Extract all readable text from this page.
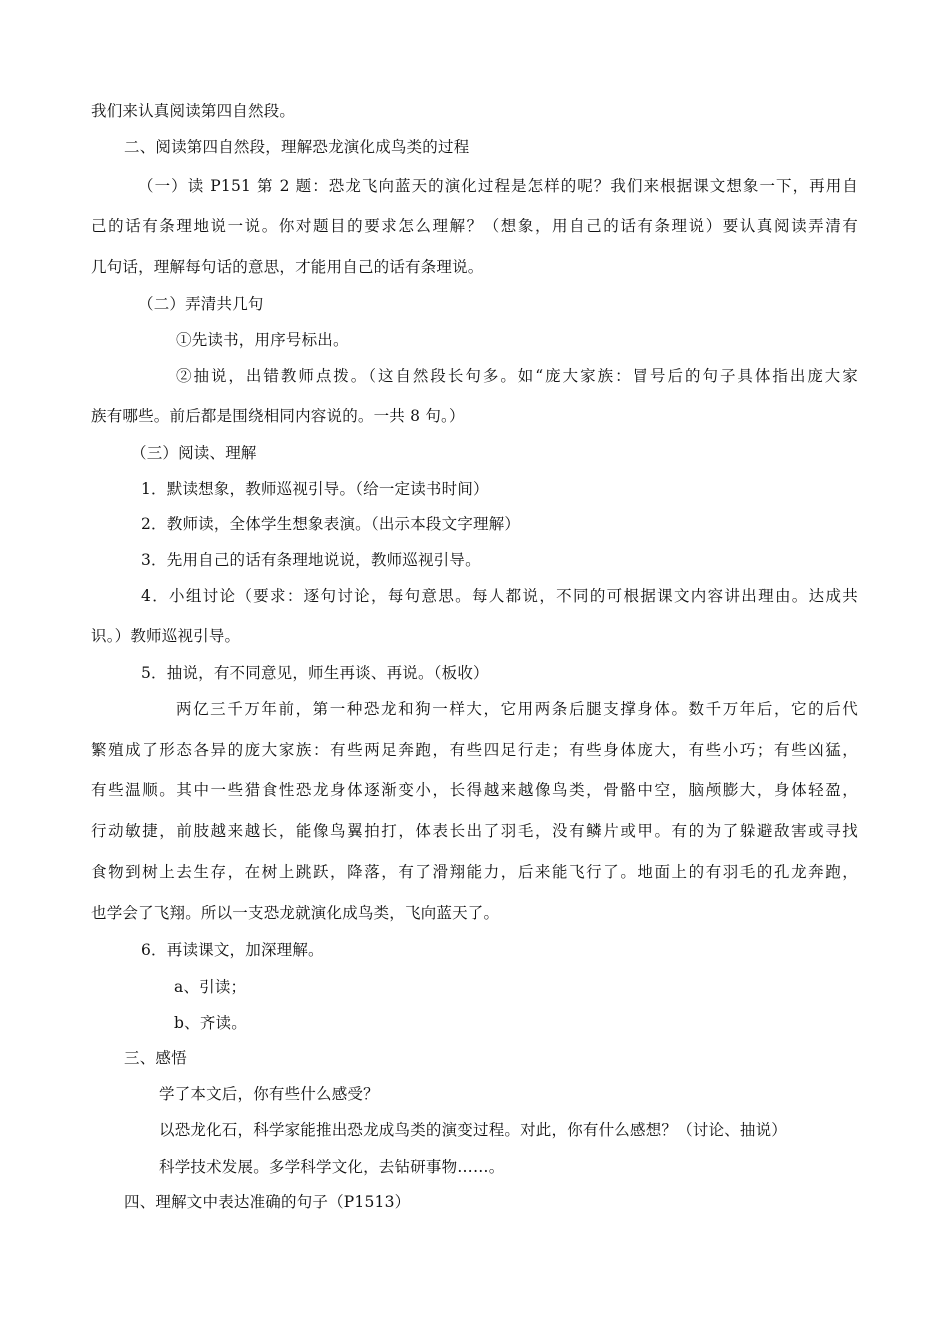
我们来认真阅读第四自然段。
二、阅读第四自然段，理解恐龙演化成鸟类的过程
（一）读 P151 第 2 题：恐龙飞向蓝天的演化过程是怎样的呢？我们来根据课文想象一下，再用自
己的话有条理地说一说。你对题目的要求怎么理解？（想象，用自己的话有条理说）要认真阅读弄清有
几句话，理解每句话的意思，才能用自己的话有条理说。
（二）弄清共几句
①先读书，用序号标出。
②抽说，出错教师点拨。（这自然段长句多。如“庞大家族：冒号后的句子具体指出庞大家
族有哪些。前后都是围绕相同内容说的。一共 8 句。）
（三）阅读、理解
1．默读想象，教师巡视引导。（给一定读书时间）
2．教师读，全体学生想象表演。（出示本段文字理解）
3．先用自己的话有条理地说说，教师巡视引导。
4．小组讨论（要求：逐句讨论，每句意思。每人都说，不同的可根据课文内容讲出理由。达成共
识。）教师巡视引导。
5．抽说，有不同意见，师生再谈、再说。（板收）
两亿三千万年前，第一种恐龙和狗一样大，它用两条后腿支撑身体。数千万年后，它的后代
繁殖成了形态各异的庞大家族：有些两足奔跑，有些四足行走；有些身体庞大，有些小巧；有些凶猛，
有些温顺。其中一些猎食性恐龙身体逐渐变小，长得越来越像鸟类，骨骼中空，脑颅膨大，身体轻盈，
行动敏捷，前肢越来越长，能像鸟翼拍打，体表长出了羽毛，没有鳞片或甲。有的为了躲避敌害或寻找
食物到树上去生存，在树上跳跃，降落，有了滑翔能力，后来能飞行了。地面上的有羽毛的孔龙奔跑，
也学会了飞翔。所以一支恐龙就演化成鸟类，飞向蓝天了。
6．再读课文，加深理解。
a、引读；
b、齐读。
三、感悟
学了本文后，你有些什么感受？
以恐龙化石，科学家能推出恐龙成鸟类的演变过程。对此，你有什么感想？（讨论、抽说）
科学技术发展。多学科学文化，去钻研事物……。
四、理解文中表达准确的句子（P1513）
